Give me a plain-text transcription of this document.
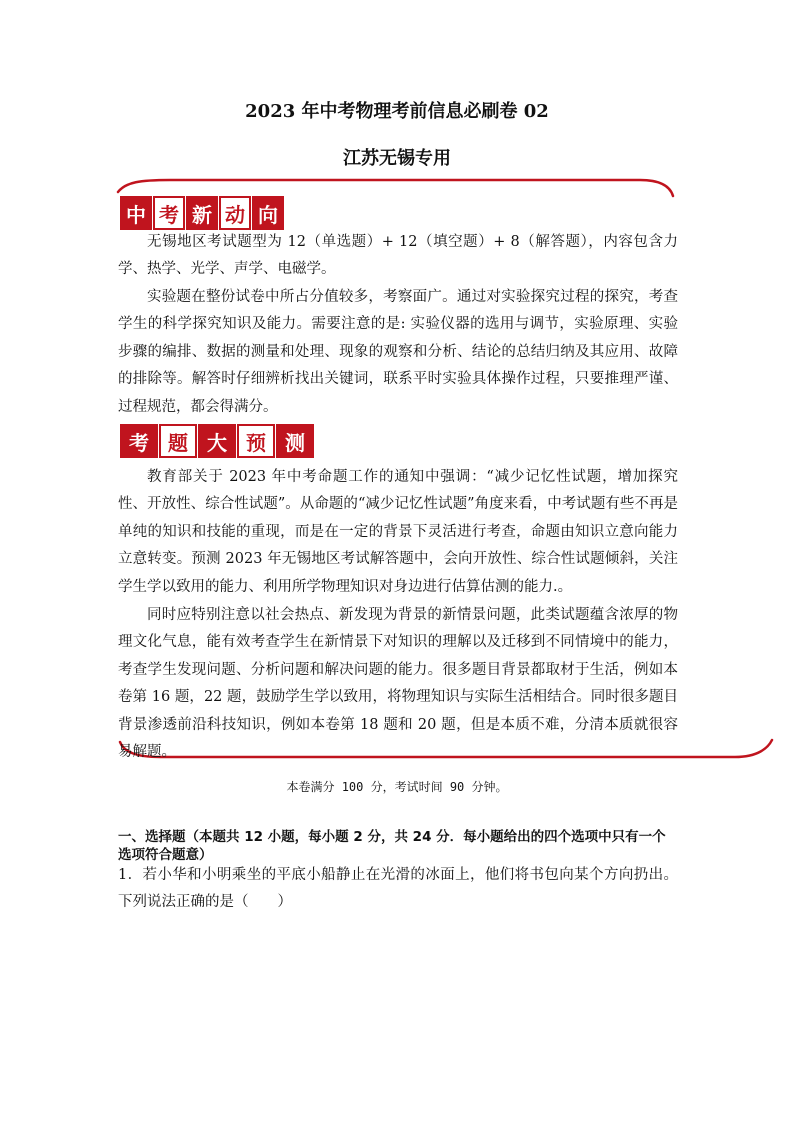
2023 年中考物理考前信息必刷卷 02
江苏无锡专用
中 考 新 动 向

无锡地区考试题型为 12（单选题）+ 12（填空题）+ 8（解答题），内容包含力学、热学、光学、声学、电磁学。

实验题在整份试卷中所占分值较多，考察面广。通过对实验探究过程的探究，考查学生的科学探究知识及能力。需要注意的是: 实验仪器的选用与调节，实验原理、实验步骤的编排、数据的测量和处理、现象的观察和分析、结论的总结归纳及其应用、故障的排除等。解答时仔细辨析找出关键词，联系平时实验具体操作过程，只要推理严谨、过程规范，都会得满分。

考 题 大 预 测

教育部关于 2023 年中考命题工作的通知中强调：“减少记忆性试题，增加探究性、开放性、综合性试题”。从命题的“减少记忆性试题”角度来看，中考试题有些不再是单纯的知识和技能的重现，而是在一定的背景下灵活进行考查，命题由知识立意向能力立意转变。预测 2023 年无锡地区考试解答题中，会向开放性、综合性试题倾斜，关注学生学以致用的能力、利用所学物理知识对身边进行估算估测的能力.。

同时应特别注意以社会热点、新发现为背景的新情景问题，此类试题蕴含浓厚的物理文化气息，能有效考查学生在新情景下对知识的理解以及迁移到不同情境中的能力，考查学生发现问题、分析问题和解决问题的能力。很多题目背景都取材于生活，例如本卷第 16 题，22 题，鼓励学生学以致用，将物理知识与实际生活相结合。同时很多题目背景渗透前沿科技知识，例如本卷第 18 题和 20 题，但是本质不难，分清本质就很容易解题。

本卷满分 100 分，考试时间 90 分钟。

一、选择题（本题共 12 小题，每小题 2 分，共 24 分．每小题给出的四个选项中只有一个选项符合题意）

1．若小华和小明乘坐的平底小船静止在光滑的冰面上，他们将书包向某个方向扔出。下列说法正确的是（　　）
